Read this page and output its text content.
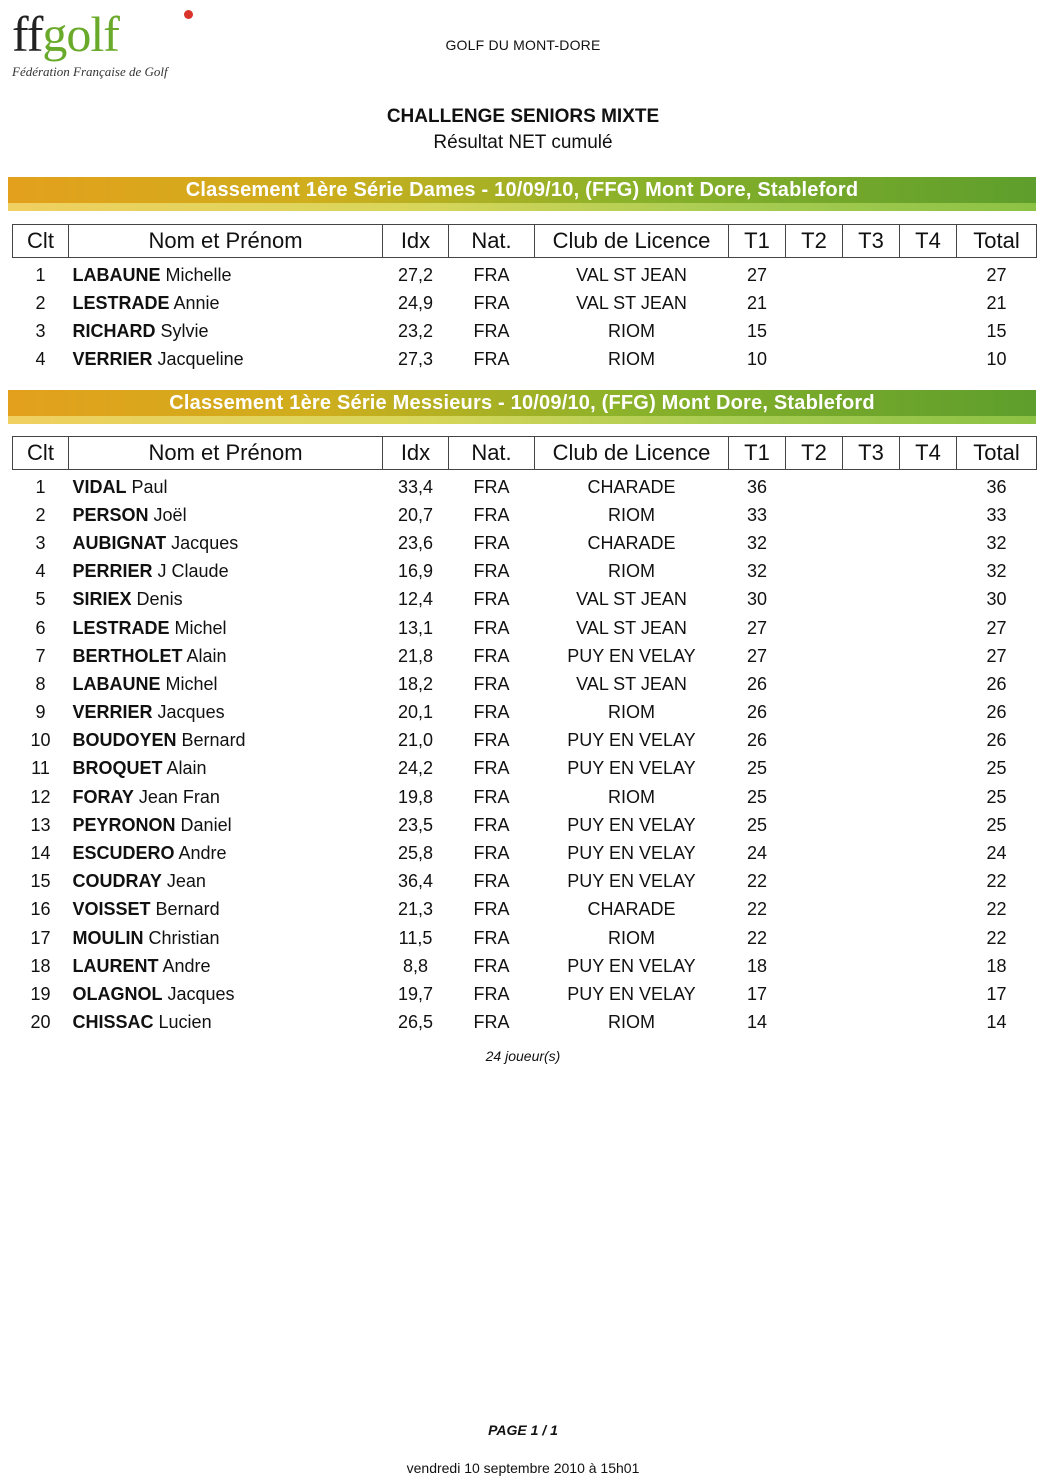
ffgolf
Fédération Française de Golf
GOLF DU MONT-DORE
CHALLENGE SENIORS MIXTE
Résultat NET cumulé
Classement 1ère Série Dames - 10/09/10, (FFG) Mont Dore, Stableford
Clt	Nom et Prénom	Idx	Nat.	Club de Licence	T1	T2	T3	T4	Total
1	LABAUNE Michelle	27,2	FRA	VAL ST JEAN	27				27
2	LESTRADE Annie	24,9	FRA	VAL ST JEAN	21				21
3	RICHARD Sylvie	23,2	FRA	RIOM	15				15
4	VERRIER Jacqueline	27,3	FRA	RIOM	10				10
Classement 1ère Série Messieurs - 10/09/10, (FFG) Mont Dore, Stableford
Clt	Nom et Prénom	Idx	Nat.	Club de Licence	T1	T2	T3	T4	Total
1	VIDAL Paul	33,4	FRA	CHARADE	36				36
2	PERSON Joël	20,7	FRA	RIOM	33				33
3	AUBIGNAT Jacques	23,6	FRA	CHARADE	32				32
4	PERRIER J Claude	16,9	FRA	RIOM	32				32
5	SIRIEX Denis	12,4	FRA	VAL ST JEAN	30				30
6	LESTRADE Michel	13,1	FRA	VAL ST JEAN	27				27
7	BERTHOLET Alain	21,8	FRA	PUY EN VELAY	27				27
8	LABAUNE Michel	18,2	FRA	VAL ST JEAN	26				26
9	VERRIER Jacques	20,1	FRA	RIOM	26				26
10	BOUDOYEN Bernard	21,0	FRA	PUY EN VELAY	26				26
11	BROQUET Alain	24,2	FRA	PUY EN VELAY	25				25
12	FORAY Jean Fran	19,8	FRA	RIOM	25				25
13	PEYRONON Daniel	23,5	FRA	PUY EN VELAY	25				25
14	ESCUDERO Andre	25,8	FRA	PUY EN VELAY	24				24
15	COUDRAY Jean	36,4	FRA	PUY EN VELAY	22				22
16	VOISSET Bernard	21,3	FRA	CHARADE	22				22
17	MOULIN Christian	11,5	FRA	RIOM	22				22
18	LAURENT Andre	8,8	FRA	PUY EN VELAY	18				18
19	OLAGNOL Jacques	19,7	FRA	PUY EN VELAY	17				17
20	CHISSAC Lucien	26,5	FRA	RIOM	14				14
24 joueur(s)
PAGE 1 / 1
vendredi 10 septembre 2010 à 15h01
